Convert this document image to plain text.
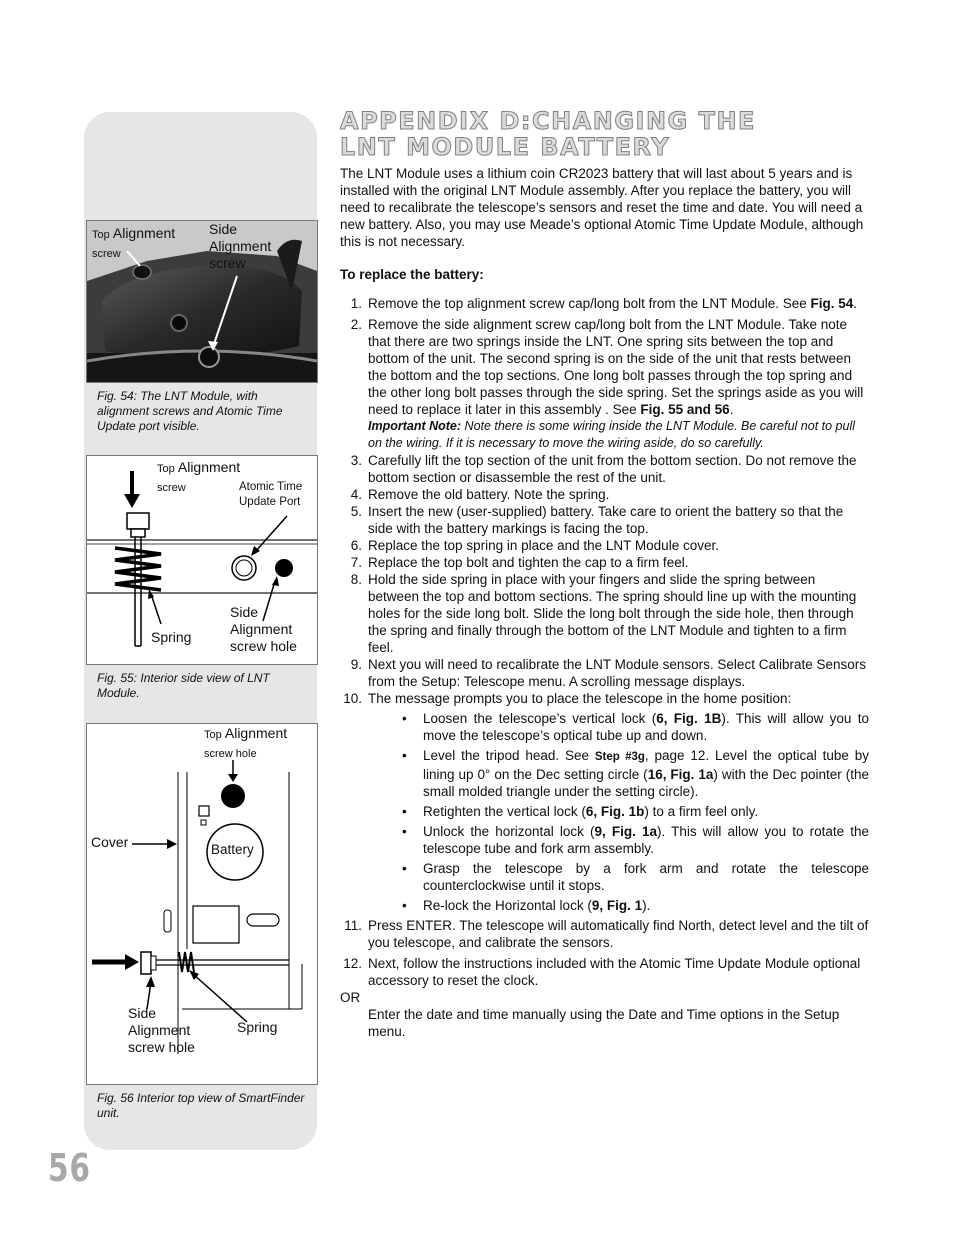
Top Alignment
screw
Side
Alignment
screw
Fig. 54: The LNT Module, with alignment screws and Atomic Time Update port visible.
Top Alignment
screw	Atomic Time
Update Port
Spring
Side
Alignment
screw hole
Fig. 55: Interior side view of LNT Module.
Top Alignment
screw hole
Cover	Battery
Side
Alignment
screw hole
Spring
Fig. 56 Interior top view of SmartFinder unit.
56
APPENDIX D:CHANGING THE
LNT MODULE BATTERY

The LNT Module uses a lithium coin CR2023 battery that will last about 5 years and is installed with the original LNT Module assembly. After you replace the battery, you will need to recalibrate the telescope’s sensors and reset the time and date. You will need a new battery. Also, you may use Meade’s optional Atomic Time Update Module, although this is not necessary.

To replace the battery:

1. Remove the top alignment screw cap/long bolt from the LNT Module. See Fig. 54.
2. Remove the side alignment screw cap/long bolt from the LNT Module. Take note that there are two springs inside the LNT. One spring sits between the top and bottom of the unit. The second spring is on the side of the unit that rests between the bottom and the top sections. One long bolt passes through the top spring and the other long bolt passes through the side spring. Set the springs aside as you will need to replace it later in this assembly . See Fig. 55 and 56.

Important Note: Note there is some wiring inside the LNT Module. Be careful not to pull on the wiring. If it is necessary to move the wiring aside, do so carefully.

3. Carefully lift the top section of the unit from the bottom section. Do not remove the bottom section or disassemble the rest of the unit.
4. Remove the old battery. Note the spring.
5. Insert the new (user-supplied) battery. Take care to orient the battery so that the side with the battery markings is facing the top.
6. Replace the top spring in place and the LNT Module cover.
7. Replace the top bolt and tighten the cap to a firm feel.
8. Hold the side spring in place with your fingers and slide the spring between between the top and bottom sections. The spring should line up with the mounting holes for the side long bolt. Slide the long bolt through the side hole, then through the spring and finally through the bottom of the LNT Module and tighten to a firm feel.
9. Next you will need to recalibrate the LNT Module sensors. Select Calibrate Sensors from the Setup: Telescope menu. A scrolling message displays.
10. The message prompts you to place the telescope in the home position:
• Loosen the telescope’s vertical lock (6, Fig. 1B). This will allow you to move the telescope’s optical tube up and down.
• Level the tripod head. See Step #3g, page 12. Level the optical tube by lining up 0° on the Dec setting circle (16, Fig. 1a) with the Dec pointer (the small molded triangle under the setting circle).
• Retighten the vertical lock (6, Fig. 1b) to a firm feel only.
• Unlock the horizontal lock (9, Fig. 1a). This will allow you to rotate the telescope tube and fork arm assembly.
• Grasp the telescope by a fork arm and rotate the telescope counterclockwise until it stops.
• Re-lock the Horizontal lock (9, Fig. 1).
11. Press ENTER. The telescope will automatically find North, detect level and the tilt of you telescope, and calibrate the sensors.
12. Next, follow the instructions included with the Atomic Time Update Module optional accessory to reset the clock.

OR

Enter the date and time manually using the Date and Time options in the Setup menu.
